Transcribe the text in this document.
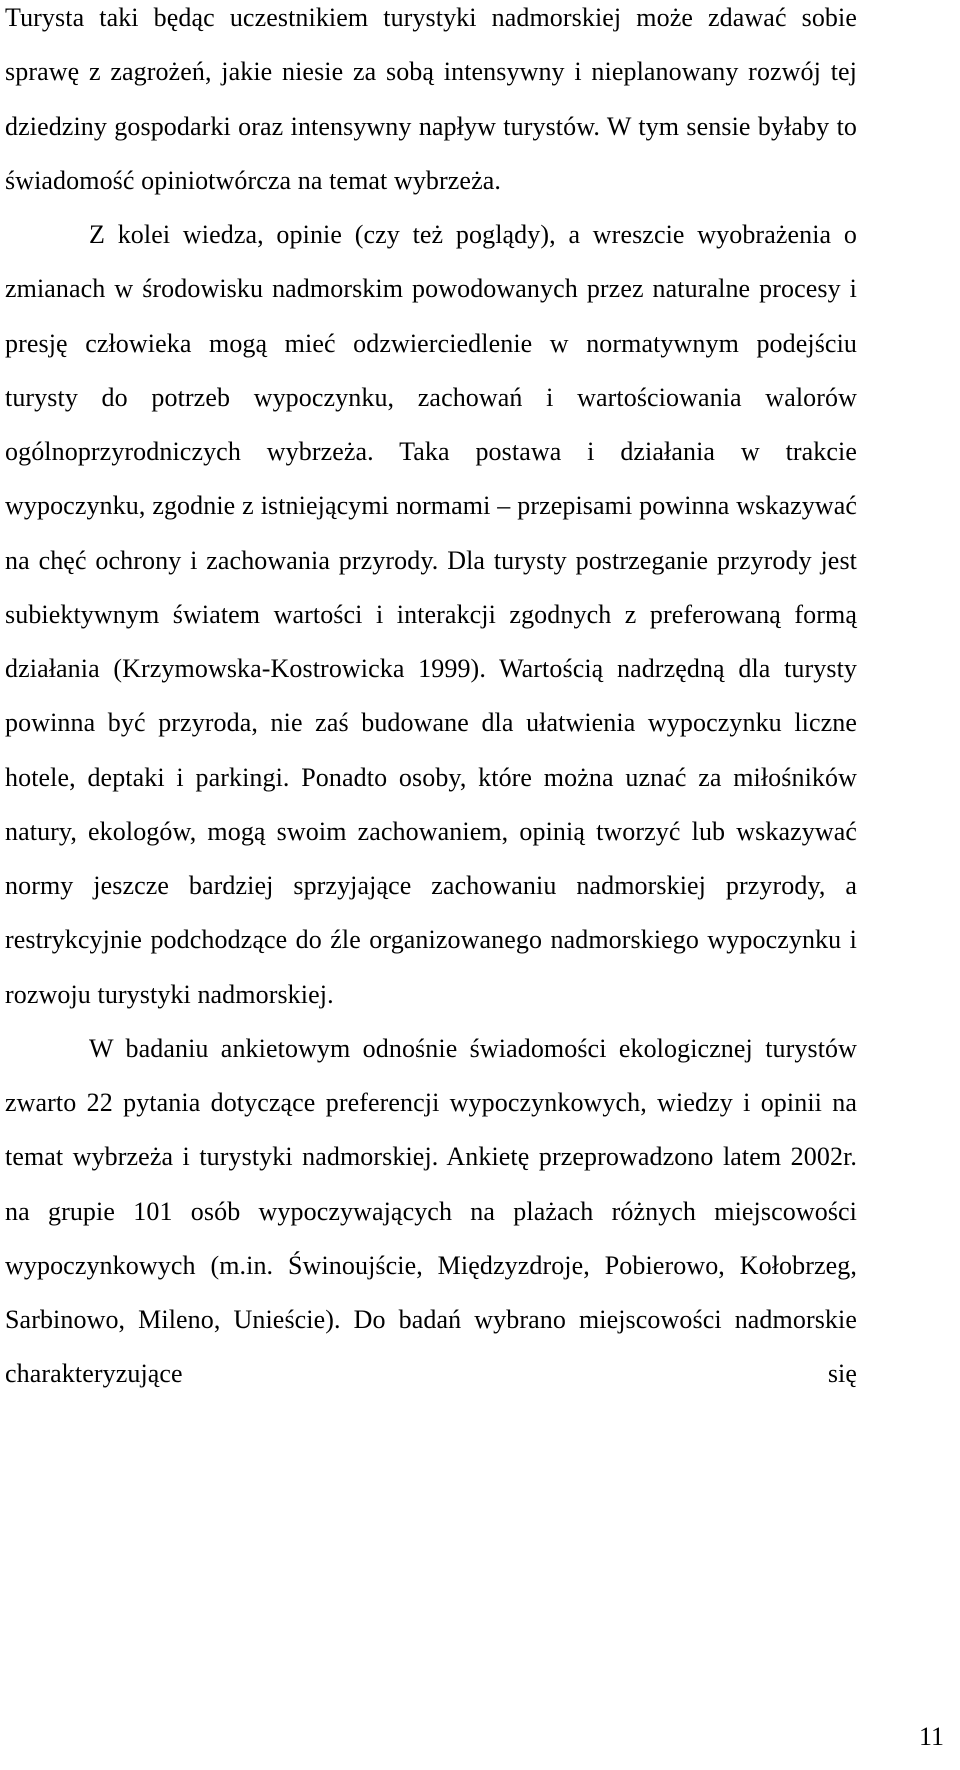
Turysta taki będąc uczestnikiem turystyki nadmorskiej może zdawać sobie sprawę z zagrożeń, jakie niesie za sobą intensywny i nieplanowany rozwój tej dziedziny gospodarki oraz intensywny napływ turystów. W tym sensie byłaby to świadomość opiniotwórcza na temat wybrzeża.

Z kolei wiedza, opinie (czy też poglądy), a wreszcie wyobrażenia o zmianach w środowisku nadmorskim powodowanych przez naturalne procesy i presję człowieka mogą mieć odzwierciedlenie w normatywnym podejściu turysty do potrzeb wypoczynku, zachowań i wartościowania walorów ogólnoprzyrodniczych wybrzeża. Taka postawa i działania w trakcie wypoczynku, zgodnie z istniejącymi normami – przepisami powinna wskazywać na chęć ochrony i zachowania przyrody. Dla turysty postrzeganie przyrody jest subiektywnym światem wartości i interakcji zgodnych z preferowaną formą działania (Krzymowska-Kostrowicka 1999). Wartością nadrzędną dla turysty powinna być przyroda, nie zaś budowane dla ułatwienia wypoczynku liczne hotele, deptaki i parkingi. Ponadto osoby, które można uznać za miłośników natury, ekologów, mogą swoim zachowaniem, opinią tworzyć lub wskazywać normy jeszcze bardziej sprzyjające zachowaniu nadmorskiej przyrody, a restrykcyjnie podchodzące do źle organizowanego nadmorskiego wypoczynku i rozwoju turystyki nadmorskiej.

W badaniu ankietowym odnośnie świadomości ekologicznej turystów zwarto 22 pytania dotyczące preferencji wypoczynkowych, wiedzy i opinii na temat wybrzeża i turystyki nadmorskiej. Ankietę przeprowadzono latem 2002r. na grupie 101 osób wypoczywających na plażach różnych miejscowości wypoczynkowych (m.in. Świnoujście, Międzyzdroje, Pobierowo, Kołobrzeg, Sarbinowo, Mileno, Unieście). Do badań wybrano miejscowości nadmorskie charakteryzujące się

11
